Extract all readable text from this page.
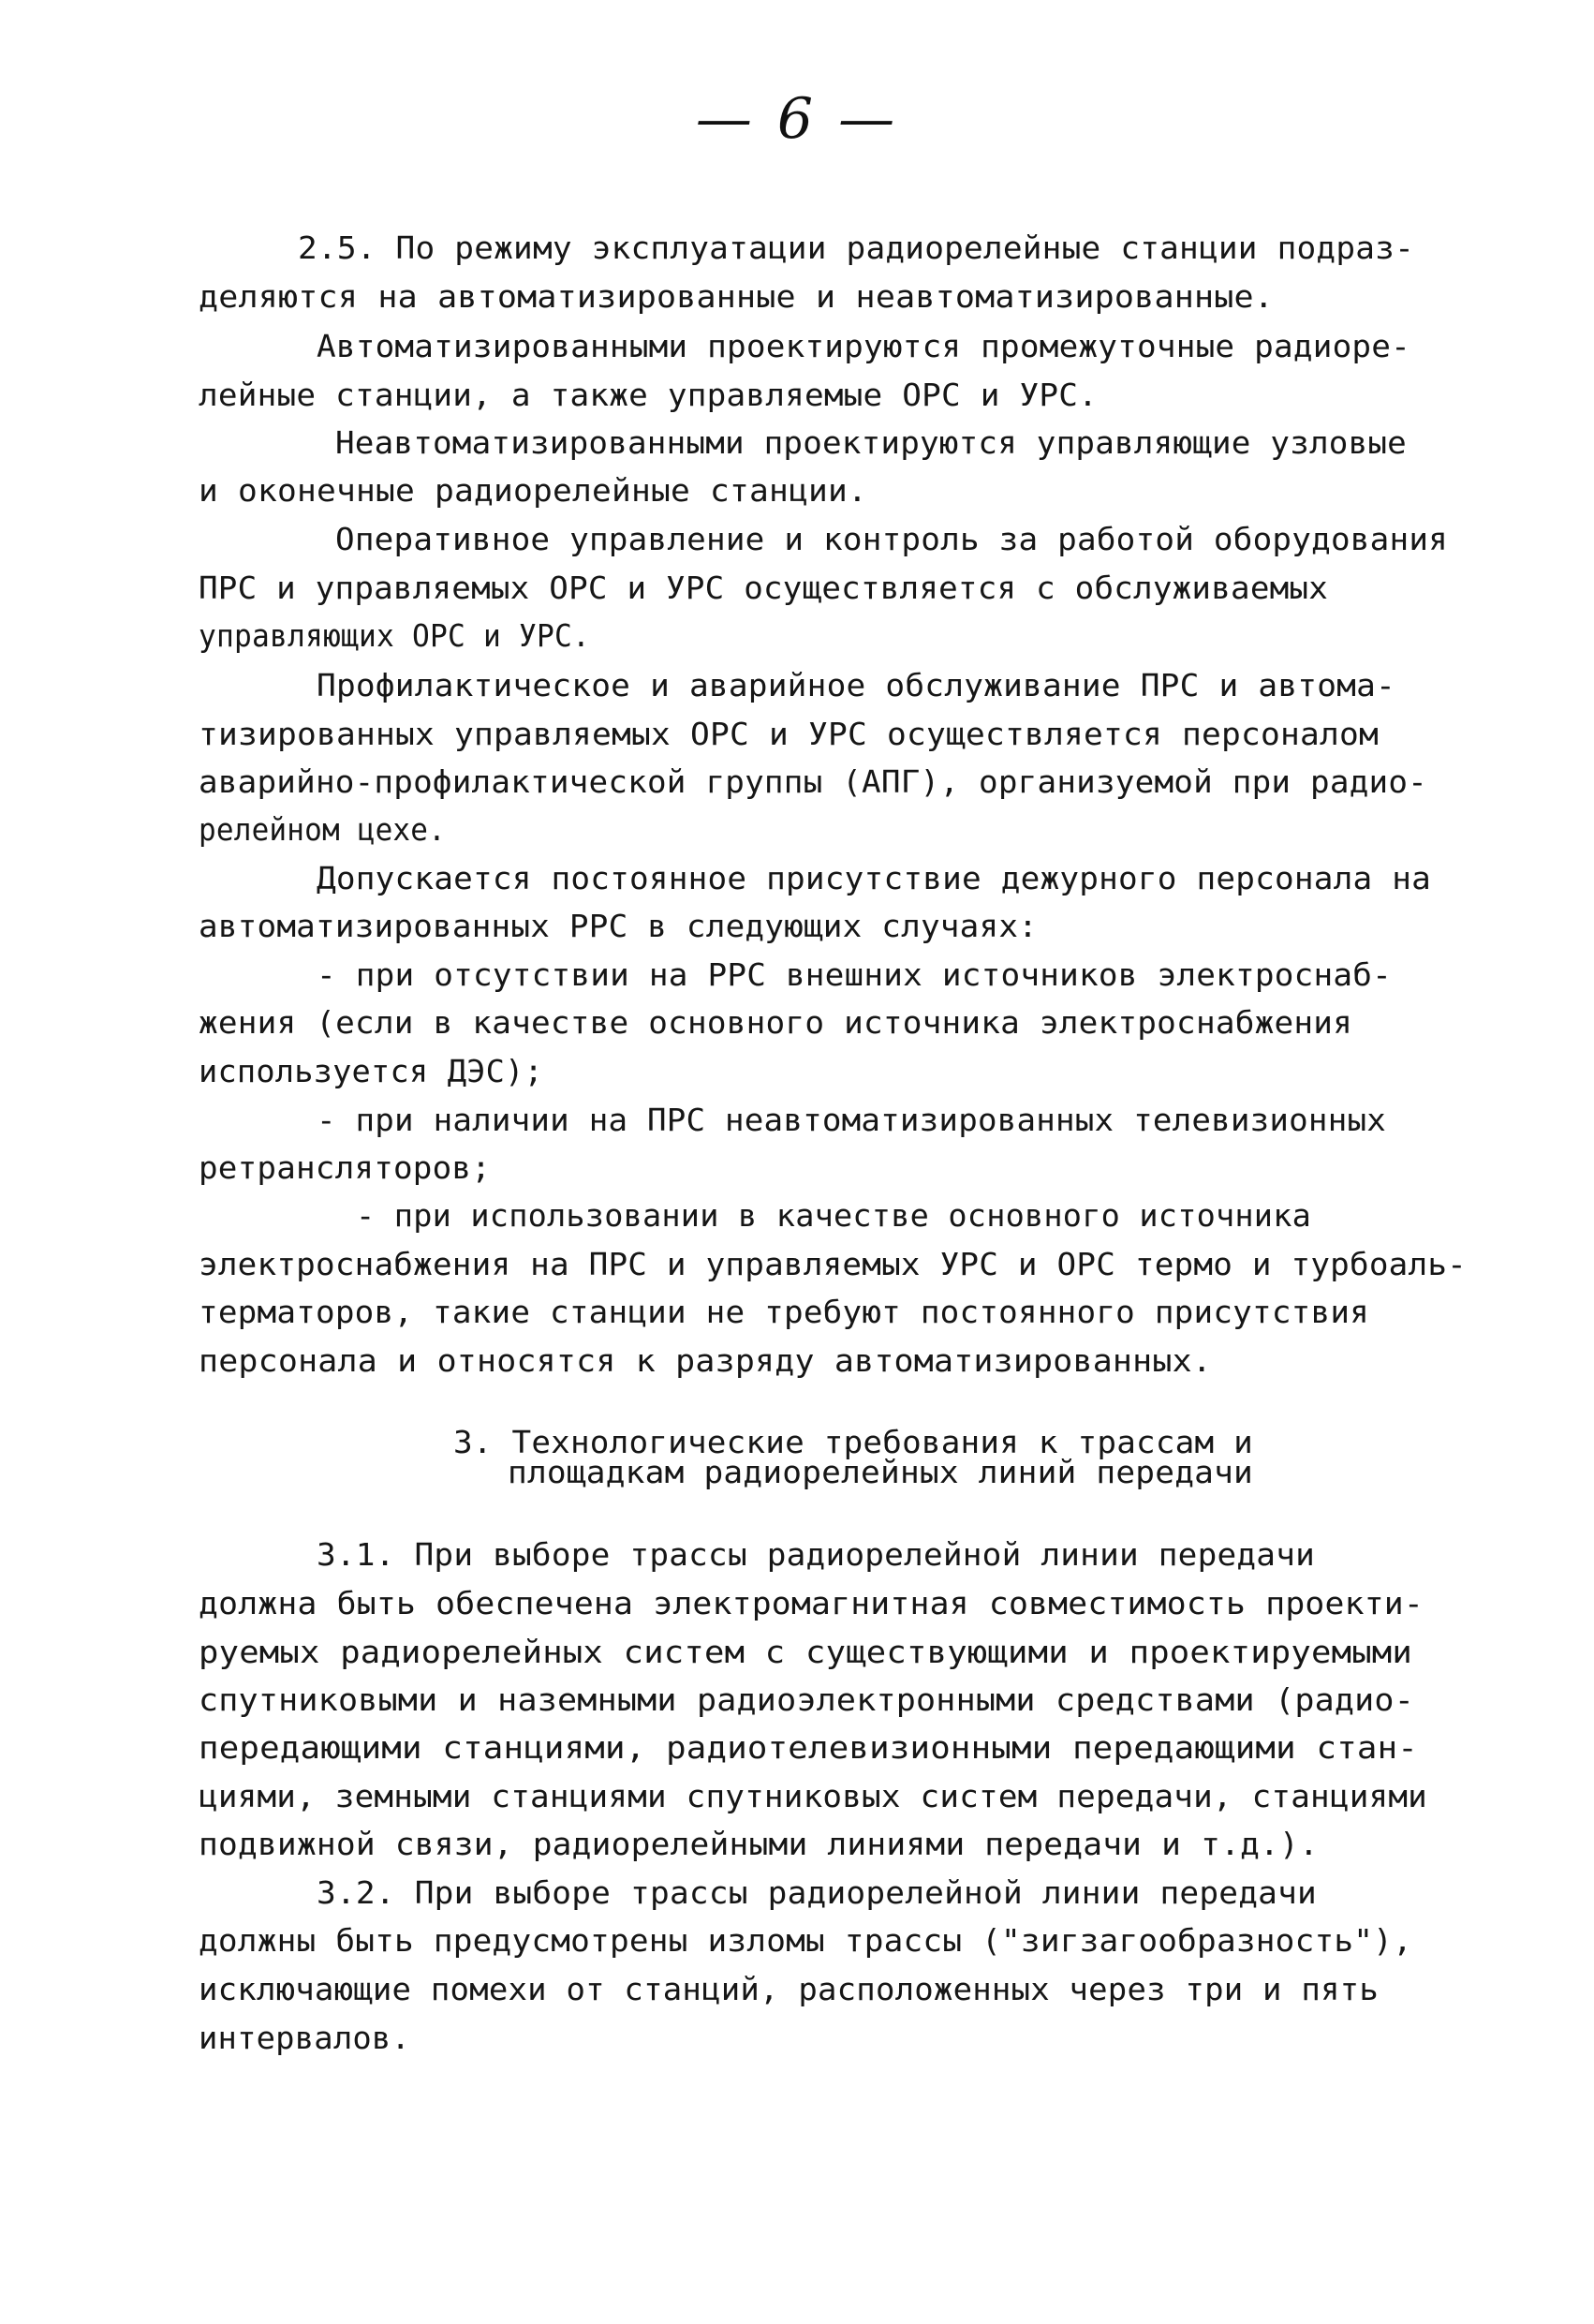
— 6 —
2.5. По режиму эксплуатации радиорелейные станции подраз-
деляются на автоматизированные и неавтоматизированные.
Автоматизированными проектируются промежуточные радиоре-
лейные станции, а также управляемые ОРС и УРС.
Неавтоматизированными проектируются управляющие узловые
и оконечные радиорелейные станции.
Оперативное управление и контроль за работой оборудования
ПРС и управляемых ОРС и УРС осуществляется с обслуживаемых
управляющих ОРС и УРС.
Профилактическое и аварийное обслуживание ПРС и автома-
тизированных управляемых ОРС и УРС осуществляется персоналом
аварийно-профилактической группы (АПГ), организуемой при радио-
релейном цехе.
Допускается постоянное присутствие дежурного персонала на
автоматизированных РРС в следующих случаях:
- при отсутствии на РРС внешних источников электроснаб-
жения (если в качестве основного источника электроснабжения
используется ДЭС);
- при наличии на ПРС неавтоматизированных телевизионных
ретрансляторов;
- при использовании в качестве основного источника
электроснабжения на ПРС и управляемых УРС и ОРС термо и турбоаль-
терматоров, такие станции не требуют постоянного присутствия
персонала и относятся к разряду автоматизированных.
3. Технологические требования к трассам и
площадкам радиорелейных линий передачи
3.1. При выборе трассы радиорелейной линии передачи
должна быть обеспечена электромагнитная совместимость проекти-
руемых радиорелейных систем с существующими и проектируемыми
спутниковыми и наземными радиоэлектронными средствами (радио-
передающими станциями, радиотелевизионными передающими стан-
циями, земными станциями спутниковых систем передачи, станциями
подвижной связи, радиорелейными линиями передачи и т.д.).
3.2. При выборе трассы радиорелейной линии передачи
должны быть предусмотрены изломы трассы ("зигзагообразность"),
исключающие помехи от станций, расположенных через три и пять
интервалов.
